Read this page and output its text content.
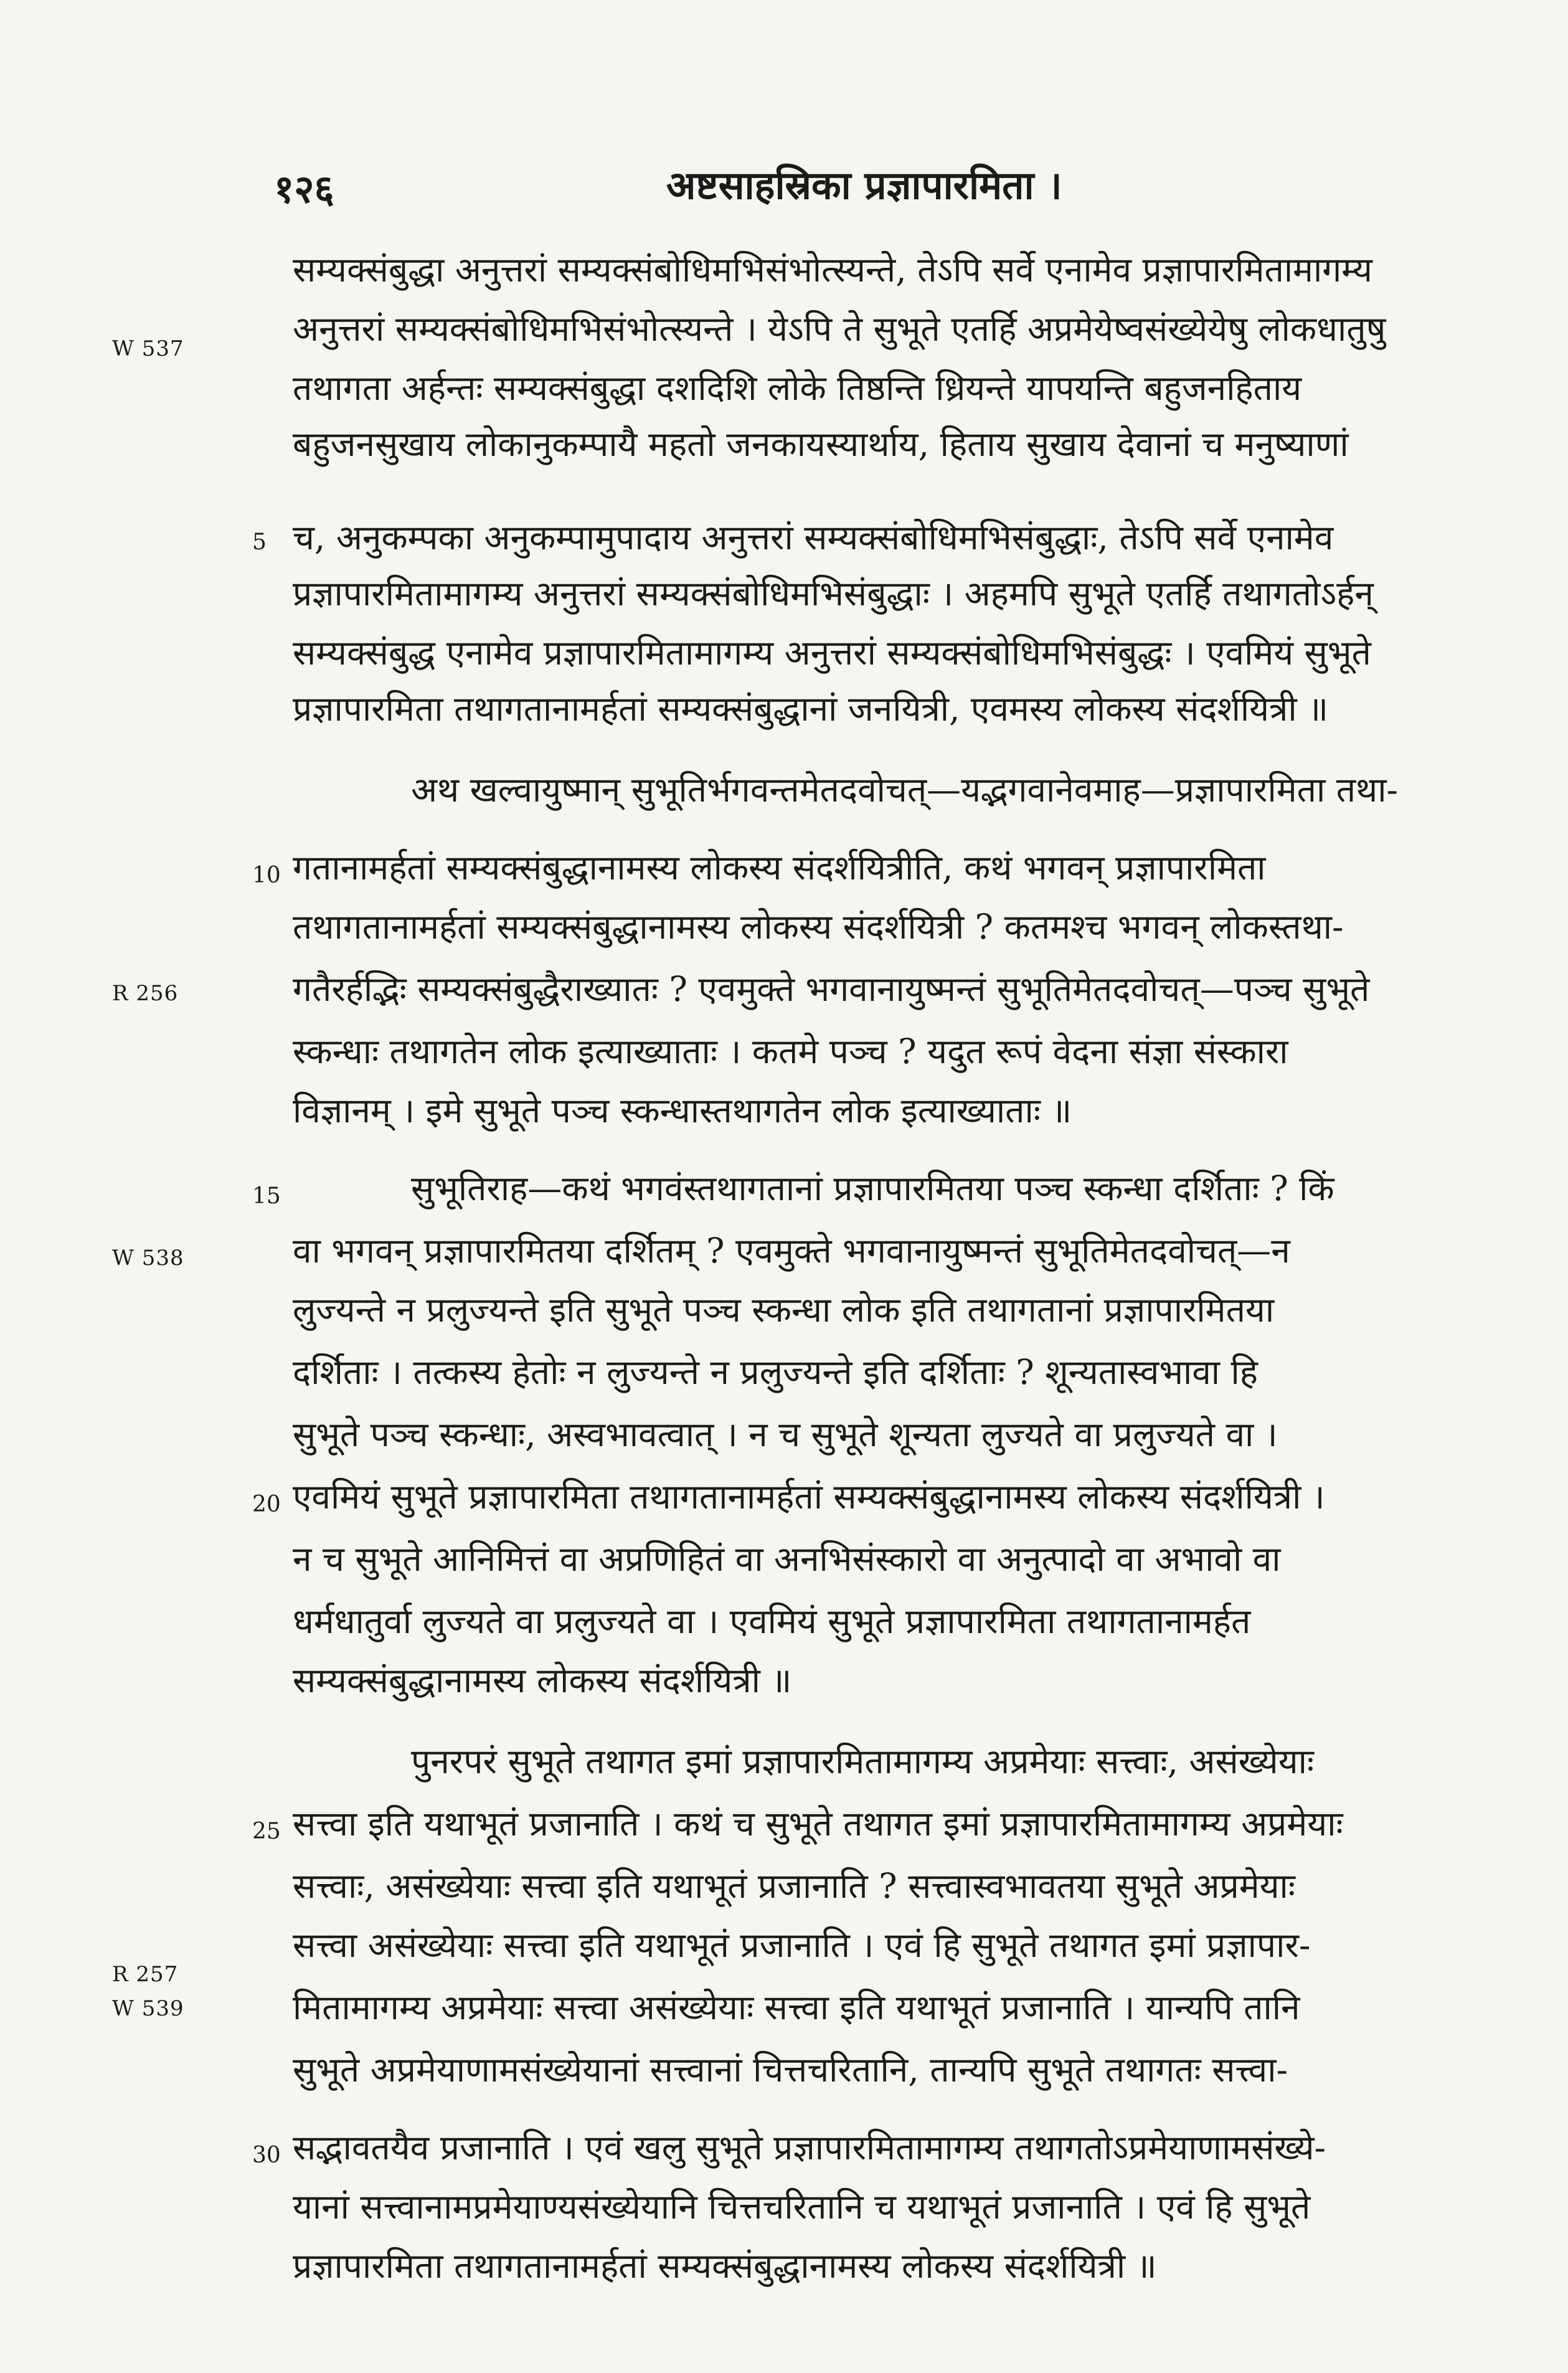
१२६	अष्टसाहस्रिका प्रज्ञापारमिता ।
W 537
R 256
W 538
R 257
W 539
5
10
15
20
25
30
सम्यक्संबुद्धा अनुत्तरां सम्यक्संबोधिमभिसंभोत्स्यन्ते, तेऽपि सर्वे एनामेव प्रज्ञापारमितामागम्य
अनुत्तरां सम्यक्संबोधिमभिसंभोत्स्यन्ते । येऽपि ते सुभूते एतर्हि अप्रमेयेष्वसंख्येयेषु लोकधातुषु
तथागता अर्हन्तः सम्यक्संबुद्धा दशदिशि लोके तिष्ठन्ति ध्रियन्ते यापयन्ति बहुजनहिताय
बहुजनसुखाय लोकानुकम्पायै महतो जनकायस्यार्थाय, हिताय सुखाय देवानां च मनुष्याणां
च, अनुकम्पका अनुकम्पामुपादाय अनुत्तरां सम्यक्संबोधिमभिसंबुद्धाः, तेऽपि सर्वे एनामेव
प्रज्ञापारमितामागम्य अनुत्तरां सम्यक्संबोधिमभिसंबुद्धाः । अहमपि सुभूते एतर्हि तथागतोऽर्हन्
सम्यक्संबुद्ध एनामेव प्रज्ञापारमितामागम्य अनुत्तरां सम्यक्संबोधिमभिसंबुद्धः । एवमियं सुभूते
प्रज्ञापारमिता तथागतानामर्हतां सम्यक्संबुद्धानां जनयित्री, एवमस्य लोकस्य संदर्शयित्री ॥
अथ खल्वायुष्मान् सुभूतिर्भगवन्तमेतदवोचत्—यद्भगवानेवमाह—प्रज्ञापारमिता तथा-
गतानामर्हतां सम्यक्संबुद्धानामस्य लोकस्य संदर्शयित्रीति, कथं भगवन् प्रज्ञापारमिता
तथागतानामर्हतां सम्यक्संबुद्धानामस्य लोकस्य संदर्शयित्री ? कतमश्च भगवन् लोकस्तथा-
गतैरर्हद्भिः सम्यक्संबुद्धैराख्यातः ? एवमुक्ते भगवानायुष्मन्तं सुभूतिमेतदवोचत्—पञ्च सुभूते
स्कन्धाः तथागतेन लोक इत्याख्याताः । कतमे पञ्च ? यदुत रूपं वेदना संज्ञा संस्कारा
विज्ञानम् । इमे सुभूते पञ्च स्कन्धास्तथागतेन लोक इत्याख्याताः ॥
सुभूतिराह—कथं भगवंस्तथागतानां प्रज्ञापारमितया पञ्च स्कन्धा दर्शिताः ? किं
वा भगवन् प्रज्ञापारमितया दर्शितम् ? एवमुक्ते भगवानायुष्मन्तं सुभूतिमेतदवोचत्—न
लुज्यन्ते न प्रलुज्यन्ते इति सुभूते पञ्च स्कन्धा लोक इति तथागतानां प्रज्ञापारमितया
दर्शिताः । तत्कस्य हेतोः न लुज्यन्ते न प्रलुज्यन्ते इति दर्शिताः ? शून्यतास्वभावा हि
सुभूते पञ्च स्कन्धाः, अस्वभावत्वात् । न च सुभूते शून्यता लुज्यते वा प्रलुज्यते वा ।
एवमियं सुभूते प्रज्ञापारमिता तथागतानामर्हतां सम्यक्संबुद्धानामस्य लोकस्य संदर्शयित्री ।
न च सुभूते आनिमित्तं वा अप्रणिहितं वा अनभिसंस्कारो वा अनुत्पादो वा अभावो वा
धर्मधातुर्वा लुज्यते वा प्रलुज्यते वा । एवमियं सुभूते प्रज्ञापारमिता तथागतानामर्हत
सम्यक्संबुद्धानामस्य लोकस्य संदर्शयित्री ॥
पुनरपरं सुभूते तथागत इमां प्रज्ञापारमितामागम्य अप्रमेयाः सत्त्वाः, असंख्येयाः
सत्त्वा इति यथाभूतं प्रजानाति । कथं च सुभूते तथागत इमां प्रज्ञापारमितामागम्य अप्रमेयाः
सत्त्वाः, असंख्येयाः सत्त्वा इति यथाभूतं प्रजानाति ? सत्त्वास्वभावतया सुभूते अप्रमेयाः
सत्त्वा असंख्येयाः सत्त्वा इति यथाभूतं प्रजानाति । एवं हि सुभूते तथागत इमां प्रज्ञापार-
मितामागम्य अप्रमेयाः सत्त्वा असंख्येयाः सत्त्वा इति यथाभूतं प्रजानाति । यान्यपि तानि
सुभूते अप्रमेयाणामसंख्येयानां सत्त्वानां चित्तचरितानि, तान्यपि सुभूते तथागतः सत्त्वा-
सद्भावतयैव प्रजानाति । एवं खलु सुभूते प्रज्ञापारमितामागम्य तथागतोऽप्रमेयाणामसंख्ये-
यानां सत्त्वानामप्रमेयाण्यसंख्येयानि चित्तचरितानि च यथाभूतं प्रजानाति । एवं हि सुभूते
प्रज्ञापारमिता तथागतानामर्हतां सम्यक्संबुद्धानामस्य लोकस्य संदर्शयित्री ॥
